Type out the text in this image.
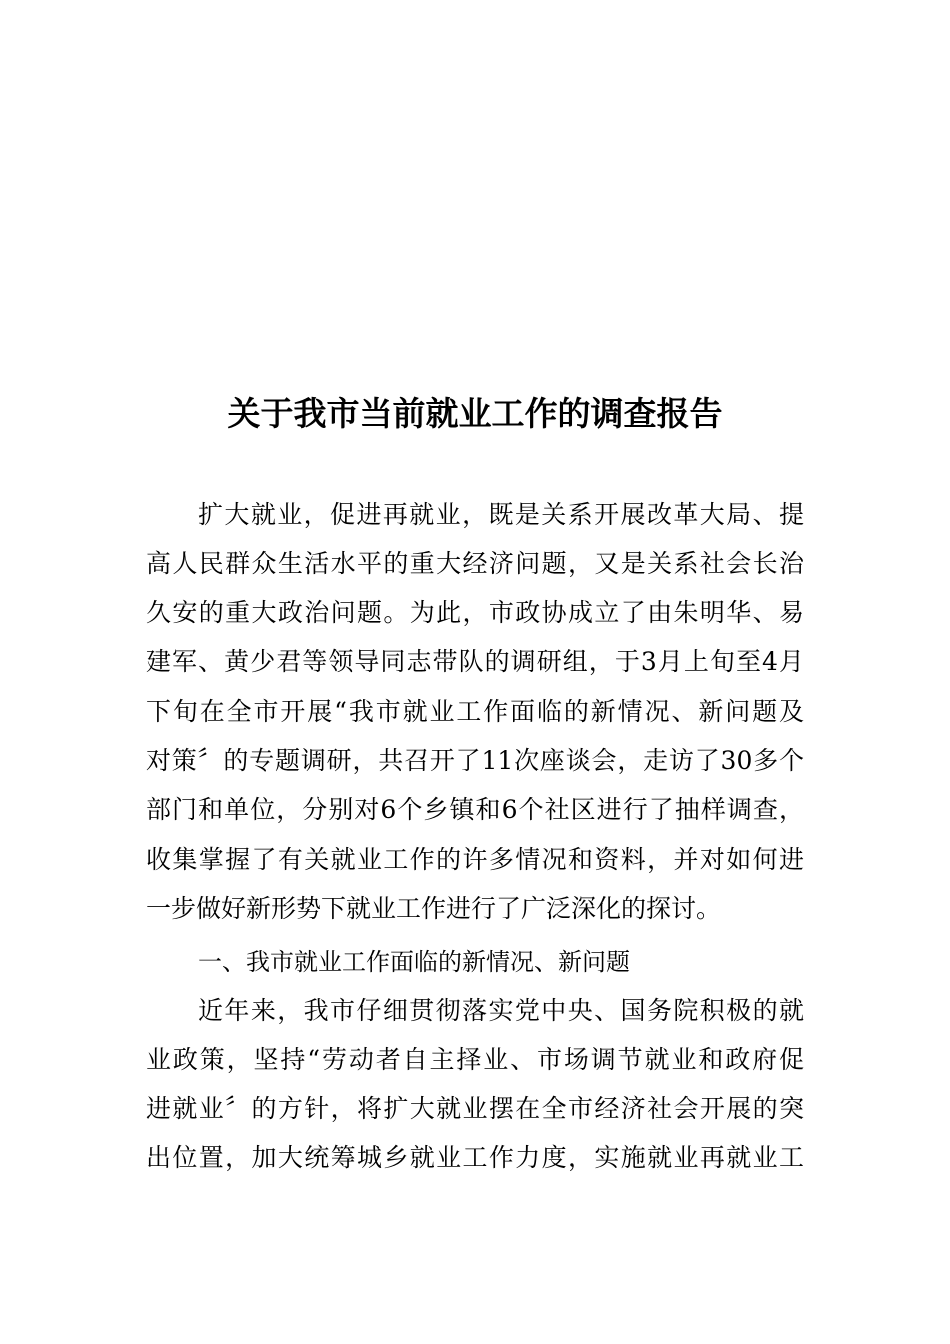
关于我市当前就业工作的调查报告
扩大就业，促进再就业，既是关系开展改革大局、提
高人民群众生活水平的重大经济问题，又是关系社会长治
久安的重大政治问题。为此，市政协成立了由朱明华、易
建军、黄少君等领导同志带队的调研组，于3月上旬至4月
下旬在全市开展“我市就业工作面临的新情况、新问题及
对策〞的专题调研，共召开了11次座谈会，走访了30多个
部门和单位，分别对6个乡镇和6个社区进行了抽样调查，
收集掌握了有关就业工作的许多情况和资料，并对如何进
一步做好新形势下就业工作进行了广泛深化的探讨。
一、我市就业工作面临的新情况、新问题
近年来，我市仔细贯彻落实党中央、国务院积极的就
业政策，坚持“劳动者自主择业、市场调节就业和政府促
进就业〞的方针，将扩大就业摆在全市经济社会开展的突
出位置，加大统筹城乡就业工作力度，实施就业再就业工
